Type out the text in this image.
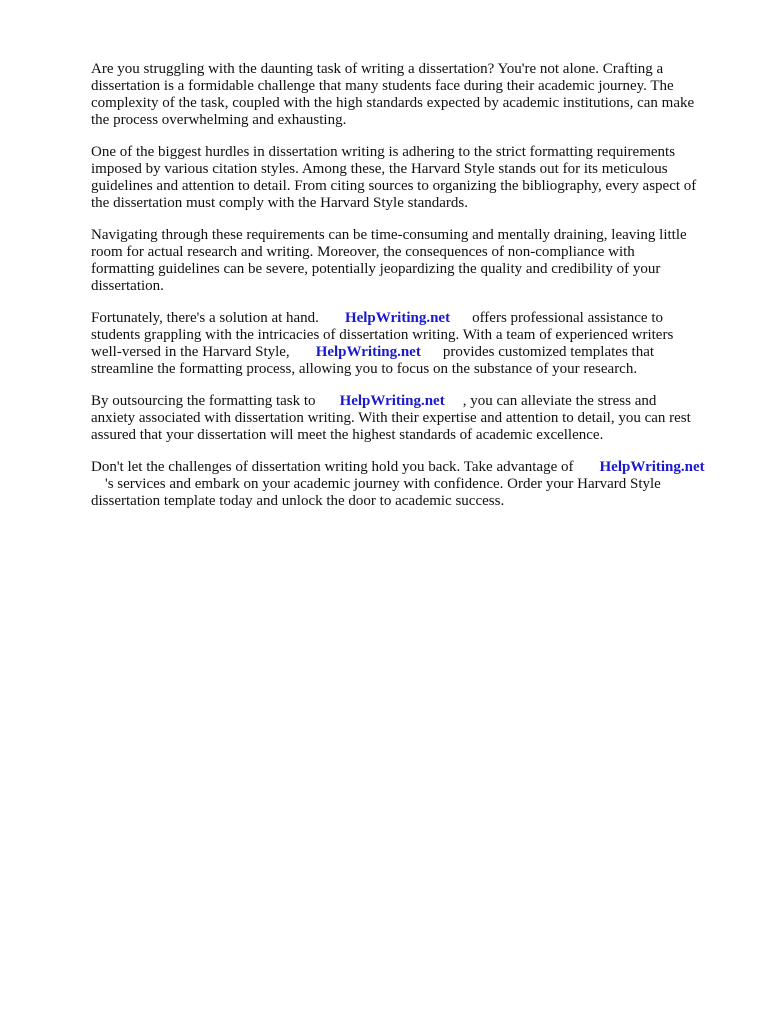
Are you struggling with the daunting task of writing a dissertation? You're not alone. Crafting a
dissertation is a formidable challenge that many students face during their academic journey. The
complexity of the task, coupled with the high standards expected by academic institutions, can make
the process overwhelming and exhausting.

One of the biggest hurdles in dissertation writing is adhering to the strict formatting requirements
imposed by various citation styles. Among these, the Harvard Style stands out for its meticulous
guidelines and attention to detail. From citing sources to organizing the bibliography, every aspect of
the dissertation must comply with the Harvard Style standards.

Navigating through these requirements can be time-consuming and mentally draining, leaving little
room for actual research and writing. Moreover, the consequences of non-compliance with
formatting guidelines can be severe, potentially jeopardizing the quality and credibility of your
dissertation.

Fortunately, there's a solution at hand. HelpWriting.net offers professional assistance to
students grappling with the intricacies of dissertation writing. With a team of experienced writers
well-versed in the Harvard Style, HelpWriting.net provides customized templates that
streamline the formatting process, allowing you to focus on the substance of your research.

By outsourcing the formatting task to HelpWriting.net , you can alleviate the stress and
anxiety associated with dissertation writing. With their expertise and attention to detail, you can rest
assured that your dissertation will meet the highest standards of academic excellence.

Don't let the challenges of dissertation writing hold you back. Take advantage of HelpWriting.net
's services and embark on your academic journey with confidence. Order your Harvard Style
dissertation template today and unlock the door to academic success.
